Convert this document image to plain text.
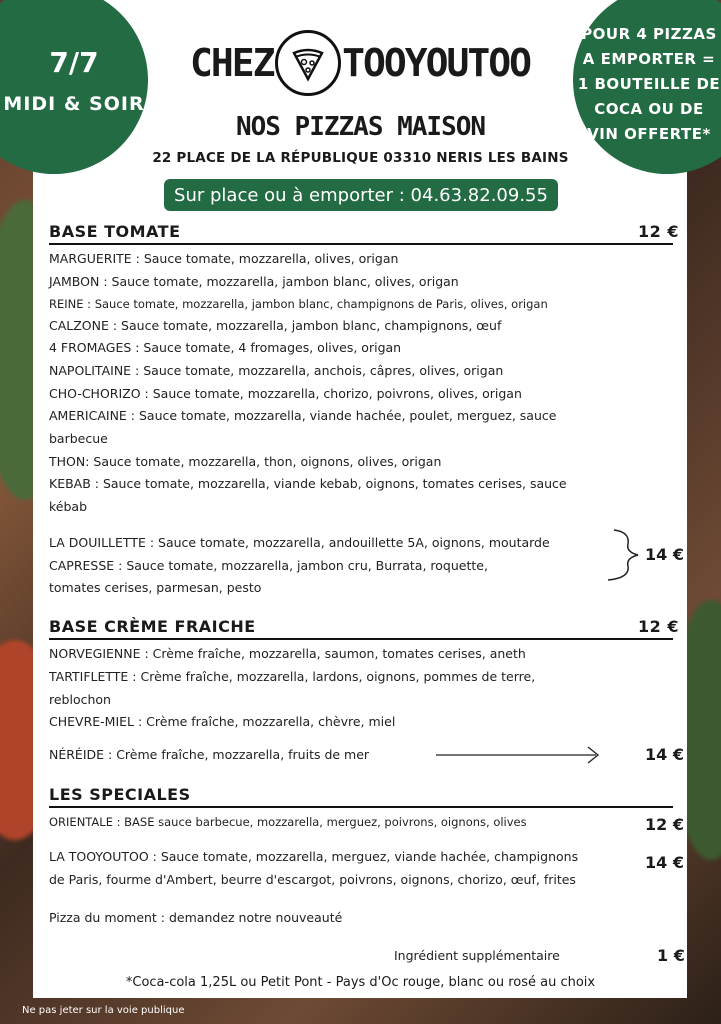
7/7
MIDI & SOIR
POUR 4 PIZZAS
A EMPORTER =
1 BOUTEILLE DE
COCA OU DE
VIN OFFERTE*
CHEZ TOOYOUTOO
NOS PIZZAS MAISON
22 PLACE DE LA RÉPUBLIQUE 03310 NERIS LES BAINS
Sur place ou à emporter : 04.63.82.09.55
BASE TOMATE	12 €
MARGUERITE : Sauce tomate, mozzarella, olives, origan
JAMBON : Sauce tomate, mozzarella, jambon blanc, olives, origan
REINE : Sauce tomate, mozzarella, jambon blanc, champignons de Paris, olives, origan
CALZONE : Sauce tomate, mozzarella, jambon blanc, champignons, œuf
4 FROMAGES : Sauce tomate, 4 fromages, olives, origan
NAPOLITAINE : Sauce tomate, mozzarella, anchois, câpres, olives, origan
CHO-CHORIZO : Sauce tomate, mozzarella, chorizo, poivrons, olives, origan
AMERICAINE : Sauce tomate, mozzarella, viande hachée, poulet, merguez, sauce
barbecue
THON: Sauce tomate, mozzarella, thon, oignons, olives, origan
KEBAB : Sauce tomate, mozzarella, viande kebab, oignons, tomates cerises, sauce
kébab
LA DOUILLETTE : Sauce tomate, mozzarella, andouillette 5A, oignons, moutarde
CAPRESSE : Sauce tomate, mozzarella, jambon cru, Burrata, roquette,
tomates cerises, parmesan, pesto
14 €
BASE CRÈME FRAICHE	12 €
NORVEGIENNE : Crème fraîche, mozzarella, saumon, tomates cerises, aneth
TARTIFLETTE : Crème fraîche, mozzarella, lardons, oignons, pommes de terre,
reblochon
CHEVRE-MIEL : Crème fraîche, mozzarella, chèvre, miel
NÉRÉIDE : Crème fraîche, mozzarella, fruits de mer	14 €
LES SPECIALES
ORIENTALE : BASE sauce barbecue, mozzarella, merguez, poivrons, oignons, olives	12 €
LA TOOYOUTOO : Sauce tomate, mozzarella, merguez, viande hachée, champignons
de Paris, fourme d'Ambert, beurre d'escargot, poivrons, oignons, chorizo, œuf, frites
14 €
Pizza du moment : demandez notre nouveauté
Ingrédient supplémentaire	1 €
*Coca-cola 1,25L ou Petit Pont - Pays d'Oc rouge, blanc ou rosé au choix
Ne pas jeter sur la voie publique
